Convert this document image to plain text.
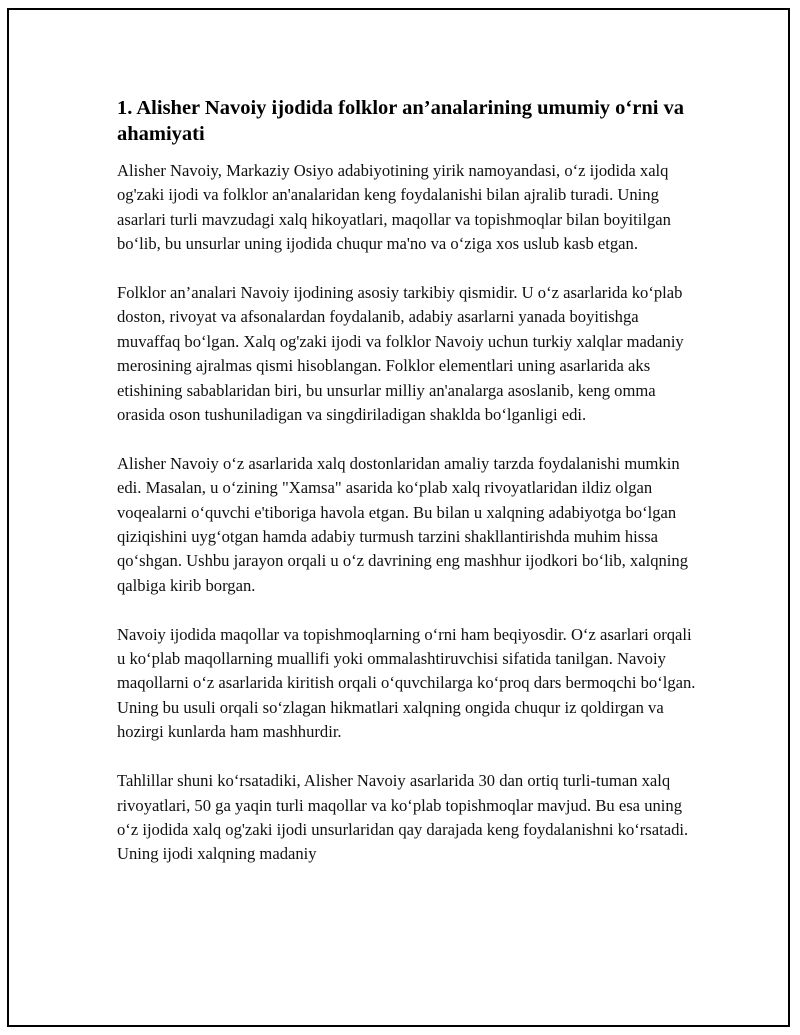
1. Alisher Navoiy ijodida folklor an’analarining umumiy o‘rni va ahamiyati

Alisher Navoiy, Markaziy Osiyo adabiyotining yirik namoyandasi, o‘z ijodida xalq og'zaki ijodi va folklor an'analaridan keng foydalanishi bilan ajralib turadi. Uning asarlari turli mavzudagi xalq hikoyatlari, maqollar va topishmoqlar bilan boyitilgan bo‘lib, bu unsurlar uning ijodida chuqur ma'no va o‘ziga xos uslub kasb etgan.

Folklor an’analari Navoiy ijodining asosiy tarkibiy qismidir. U o‘z asarlarida ko‘plab doston, rivoyat va afsonalardan foydalanib, adabiy asarlarni yanada boyitishga muvaffaq bo‘lgan. Xalq og'zaki ijodi va folklor Navoiy uchun turkiy xalqlar madaniy merosining ajralmas qismi hisoblangan. Folklor elementlari uning asarlarida aks etishining sabablaridan biri, bu unsurlar milliy an'analarga asoslanib, keng omma orasida oson tushuniladigan va singdiriladigan shaklda bo‘lganligi edi.

Alisher Navoiy o‘z asarlarida xalq dostonlaridan amaliy tarzda foydalanishi mumkin edi. Masalan, u o‘zining "Xamsa" asarida ko‘plab xalq rivoyatlaridan ildiz olgan voqealarni o‘quvchi e'tiboriga havola etgan. Bu bilan u xalqning adabiyotga bo‘lgan qiziqishini uyg‘otgan hamda adabiy turmush tarzini shakllantirishda muhim hissa qo‘shgan. Ushbu jarayon orqali u o‘z davrining eng mashhur ijodkori bo‘lib, xalqning qalbiga kirib borgan.

Navoiy ijodida maqollar va topishmoqlarning o‘rni ham beqiyosdir. O‘z asarlari orqali u ko‘plab maqollarning muallifi yoki ommalashtiruvchisi sifatida tanilgan. Navoiy maqollarni o‘z asarlarida kiritish orqali o‘quvchilarga ko‘proq dars bermoqchi bo‘lgan. Uning bu usuli orqali so‘zlagan hikmatlari xalqning ongida chuqur iz qoldirgan va hozirgi kunlarda ham mashhurdir.

Tahlillar shuni ko‘rsatadiki, Alisher Navoiy asarlarida 30 dan ortiq turli-tuman xalq rivoyatlari, 50 ga yaqin turli maqollar va ko‘plab topishmoqlar mavjud. Bu esa uning o‘z ijodida xalq og'zaki ijodi unsurlaridan qay darajada keng foydalanishni ko‘rsatadi. Uning ijodi xalqning madaniy
